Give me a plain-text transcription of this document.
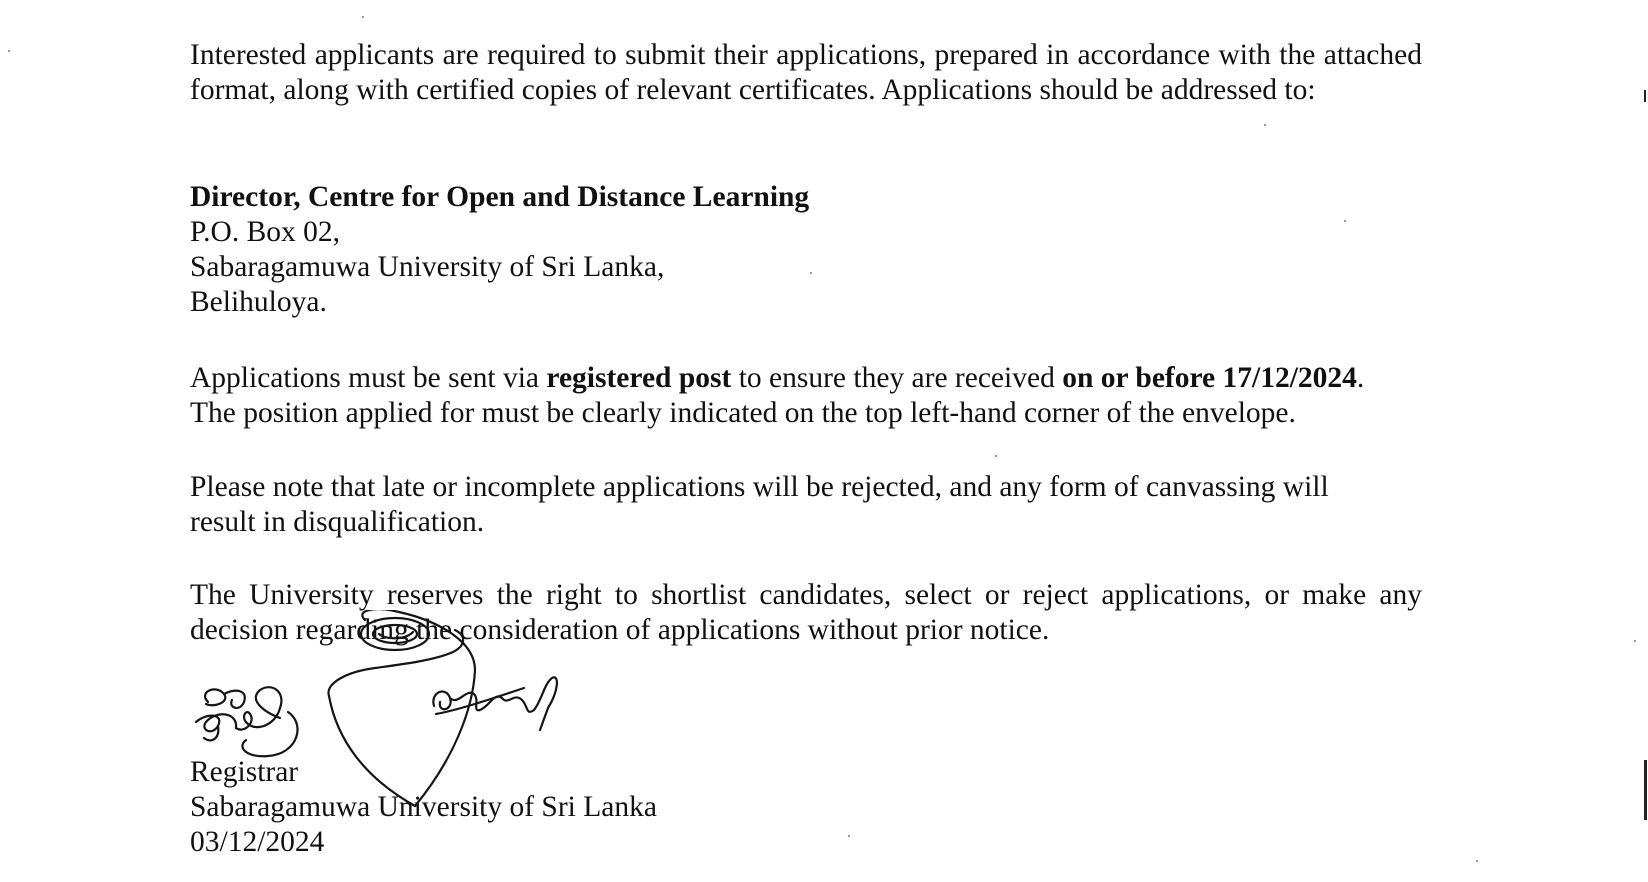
Interested applicants are required to submit their applications, prepared in accordance with the attached format, along with certified copies of relevant certificates. Applications should be addressed to:

Director, Centre for Open and Distance Learning
P.O. Box 02,
Sabaragamuwa University of Sri Lanka,
Belihuloya.
Applications must be sent via registered post to ensure they are received on or before 17/12/2024.
The position applied for must be clearly indicated on the top left-hand corner of the envelope.
Please note that late or incomplete applications will be rejected, and any form of canvassing will
result in disqualification.

The University reserves the right to shortlist candidates, select or reject applications, or make any decision regarding the consideration of applications without prior notice.

Registrar
Sabaragamuwa University of Sri Lanka
03/12/2024
